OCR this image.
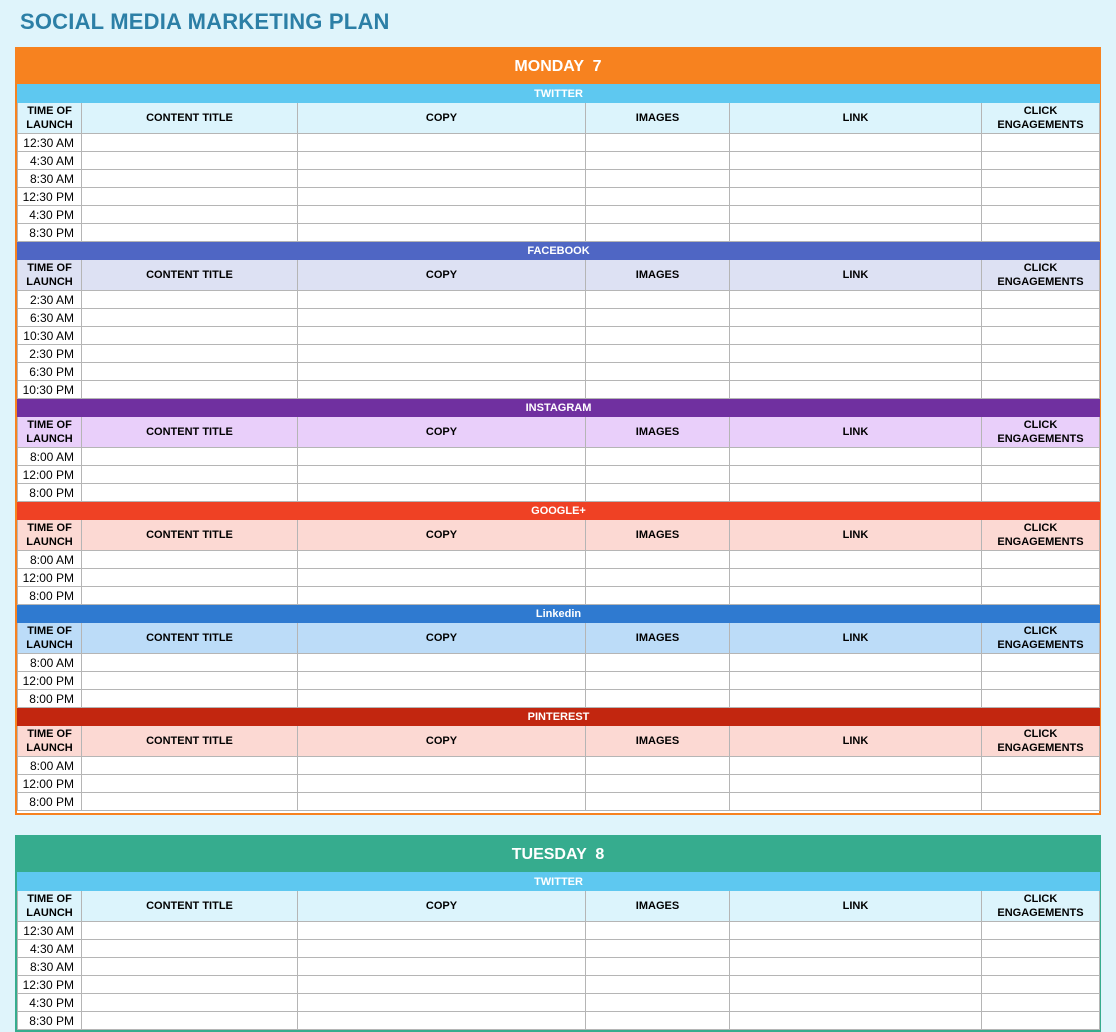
SOCIAL MEDIA MARKETING PLAN
MONDAY  7
TWITTER					
TIME OF LAUNCH	CONTENT TITLE	COPY	IMAGES	LINK	CLICK ENGAGEMENTS
12:30 AM					
4:30 AM					
8:30 AM					
12:30 PM					
4:30 PM					
8:30 PM					
FACEBOOK					
TIME OF LAUNCH	CONTENT TITLE	COPY	IMAGES	LINK	CLICK ENGAGEMENTS
2:30 AM					
6:30 AM					
10:30 AM					
2:30 PM					
6:30 PM					
10:30 PM					
INSTAGRAM					
TIME OF LAUNCH	CONTENT TITLE	COPY	IMAGES	LINK	CLICK ENGAGEMENTS
8:00 AM					
12:00 PM					
8:00 PM					
GOOGLE+					
TIME OF LAUNCH	CONTENT TITLE	COPY	IMAGES	LINK	CLICK ENGAGEMENTS
8:00 AM					
12:00 PM					
8:00 PM					
Linkedin					
TIME OF LAUNCH	CONTENT TITLE	COPY	IMAGES	LINK	CLICK ENGAGEMENTS
8:00 AM					
12:00 PM					
8:00 PM					
PINTEREST					
TIME OF LAUNCH	CONTENT TITLE	COPY	IMAGES	LINK	CLICK ENGAGEMENTS
8:00 AM					
12:00 PM					
8:00 PM					
TUESDAY  8
TWITTER					
TIME OF LAUNCH	CONTENT TITLE	COPY	IMAGES	LINK	CLICK ENGAGEMENTS
12:30 AM					
4:30 AM					
8:30 AM					
12:30 PM					
4:30 PM					
8:30 PM					
